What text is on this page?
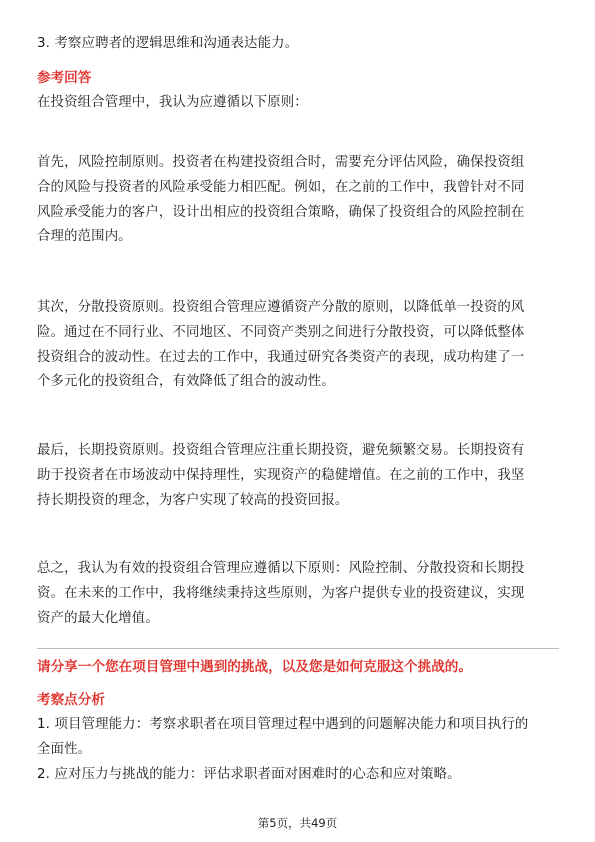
3. 考察应聘者的逻辑思维和沟通表达能力。
参考回答
在投资组合管理中，我认为应遵循以下原则：
首先，风险控制原则。投资者在构建投资组合时，需要充分评估风险，确保投资组
合的风险与投资者的风险承受能力相匹配。例如，在之前的工作中，我曾针对不同
风险承受能力的客户，设计出相应的投资组合策略，确保了投资组合的风险控制在
合理的范围内。
其次，分散投资原则。投资组合管理应遵循资产分散的原则，以降低单一投资的风
险。通过在不同行业、不同地区、不同资产类别之间进行分散投资，可以降低整体
投资组合的波动性。在过去的工作中，我通过研究各类资产的表现，成功构建了一
个多元化的投资组合，有效降低了组合的波动性。
最后，长期投资原则。投资组合管理应注重长期投资，避免频繁交易。长期投资有
助于投资者在市场波动中保持理性，实现资产的稳健增值。在之前的工作中，我坚
持长期投资的理念，为客户实现了较高的投资回报。
总之，我认为有效的投资组合管理应遵循以下原则：风险控制、分散投资和长期投
资。在未来的工作中，我将继续秉持这些原则，为客户提供专业的投资建议，实现
资产的最大化增值。
请分享一个您在项目管理中遇到的挑战，以及您是如何克服这个挑战的。
考察点分析
1. 项目管理能力：考察求职者在项目管理过程中遇到的问题解决能力和项目执行的
全面性。
2. 应对压力与挑战的能力：评估求职者面对困难时的心态和应对策略。
第5页，共49页
